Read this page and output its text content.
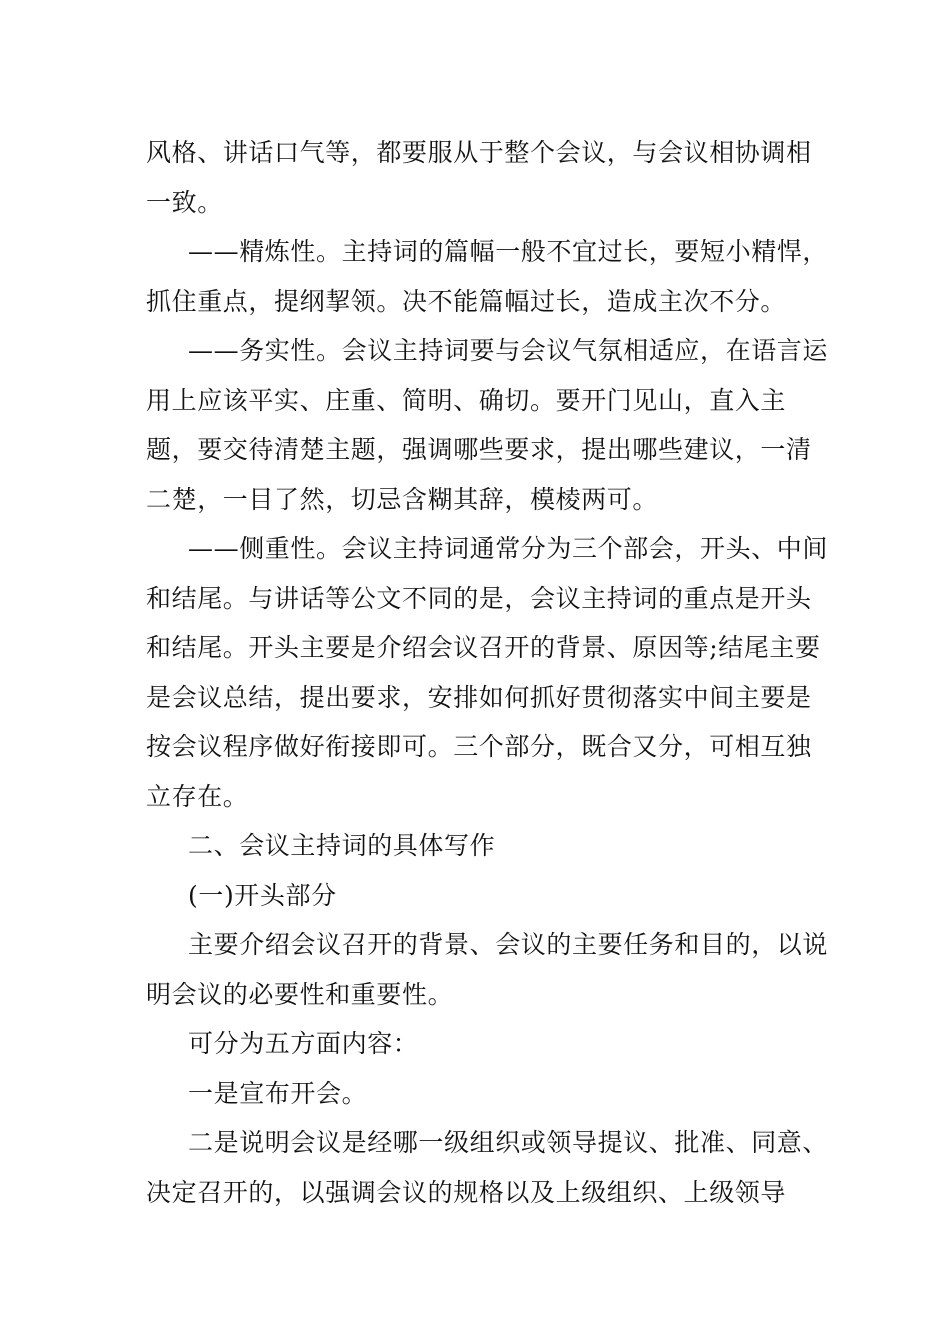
风格、讲话口气等，都要服从于整个会议，与会议相协调相一致。

——精炼性。主持词的篇幅一般不宜过长，要短小精悍，抓住重点，提纲挈领。决不能篇幅过长，造成主次不分。

——务实性。会议主持词要与会议气氛相适应，在语言运用上应该平实、庄重、简明、确切。要开门见山，直入主题，要交待清楚主题，强调哪些要求，提出哪些建议，一清二楚，一目了然，切忌含糊其辞，模棱两可。

——侧重性。会议主持词通常分为三个部会，开头、中间和结尾。与讲话等公文不同的是，会议主持词的重点是开头和结尾。开头主要是介绍会议召开的背景、原因等;结尾主要是会议总结，提出要求，安排如何抓好贯彻落实中间主要是按会议程序做好衔接即可。三个部分，既合又分，可相互独立存在。

二、会议主持词的具体写作

(一)开头部分

主要介绍会议召开的背景、会议的主要任务和目的，以说明会议的必要性和重要性。

可分为五方面内容：

一是宣布开会。

二是说明会议是经哪一级组织或领导提议、批准、同意、决定召开的，以强调会议的规格以及上级组织、上级领导
